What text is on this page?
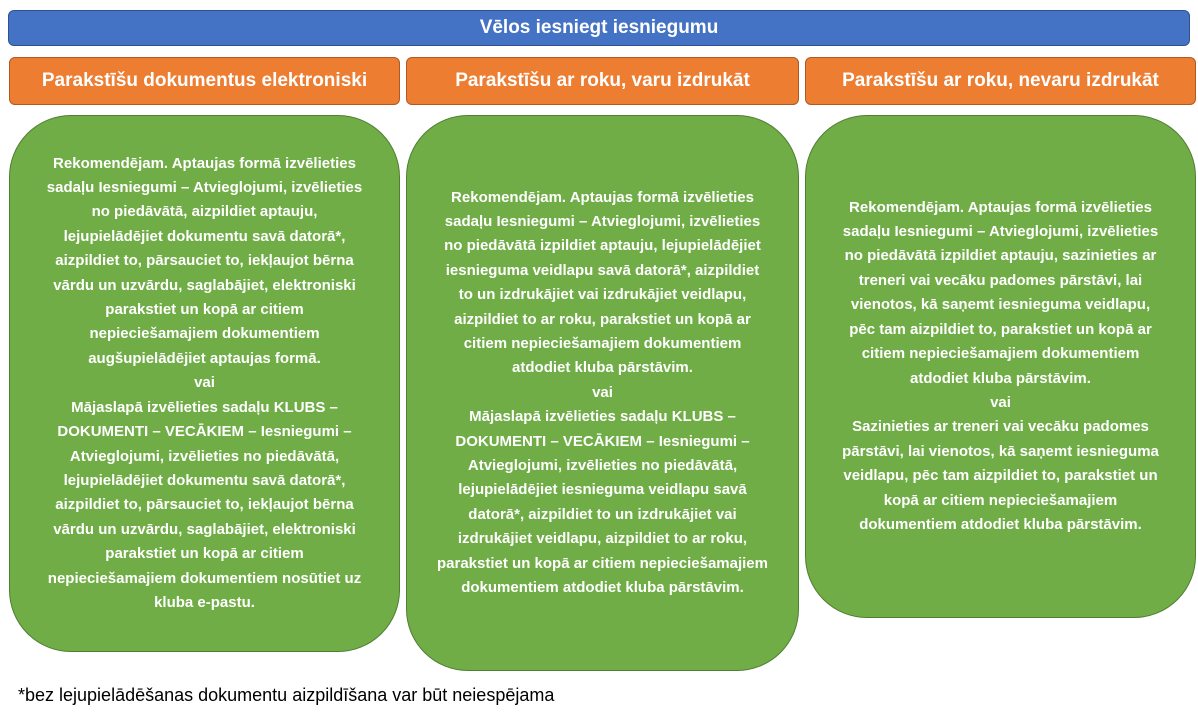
Vēlos iesniegt iesniegumu
Parakstīšu dokumentus elektroniski	Parakstīšu ar roku, varu izdrukāt	Parakstīšu ar roku, nevaru izdrukāt

Rekomendējam. Aptaujas formā izvēlieties sadaļu Iesniegumi – Atvieglojumi, izvēlieties no piedāvātā, aizpildiet aptauju, lejupielādējiet dokumentu savā datorā*, aizpildiet to, pārsauciet to, iekļaujot bērna vārdu un uzvārdu, saglabājiet, elektroniski parakstiet un kopā ar citiem nepieciešamajiem dokumentiem augšupielādējiet aptaujas formā.

vai

Mājaslapā izvēlieties sadaļu KLUBS – DOKUMENTI – VECĀKIEM – Iesniegumi – Atvieglojumi, izvēlieties no piedāvātā, lejupielādējiet dokumentu savā datorā*, aizpildiet to, pārsauciet to, iekļaujot bērna vārdu un uzvārdu, saglabājiet, elektroniski parakstiet un kopā ar citiem nepieciešamajiem dokumentiem nosūtiet uz kluba e-pastu.

Rekomendējam. Aptaujas formā izvēlieties sadaļu Iesniegumi – Atvieglojumi, izvēlieties no piedāvātā izpildiet aptauju, lejupielādējiet iesnieguma veidlapu savā datorā*, aizpildiet to un izdrukājiet vai izdrukājiet veidlapu, aizpildiet to ar roku, parakstiet un kopā ar citiem nepieciešamajiem dokumentiem atdodiet kluba pārstāvim.

vai

Mājaslapā izvēlieties sadaļu KLUBS – DOKUMENTI – VECĀKIEM – Iesniegumi – Atvieglojumi, izvēlieties no piedāvātā, lejupielādējiet iesnieguma veidlapu savā datorā*, aizpildiet to un izdrukājiet vai izdrukājiet veidlapu, aizpildiet to ar roku, parakstiet un kopā ar citiem nepieciešamajiem dokumentiem atdodiet kluba pārstāvim.

Rekomendējam. Aptaujas formā izvēlieties sadaļu Iesniegumi – Atvieglojumi, izvēlieties no piedāvātā izpildiet aptauju, sazinieties ar treneri vai vecāku padomes pārstāvi, lai vienotos, kā saņemt iesnieguma veidlapu, pēc tam aizpildiet to, parakstiet un kopā ar citiem nepieciešamajiem dokumentiem atdodiet kluba pārstāvim.

vai

Sazinieties ar treneri vai vecāku padomes pārstāvi, lai vienotos, kā saņemt iesnieguma veidlapu, pēc tam aizpildiet to, parakstiet un kopā ar citiem nepieciešamajiem dokumentiem atdodiet kluba pārstāvim.

*bez lejupielādēšanas dokumentu aizpildīšana var būt neiespējama
